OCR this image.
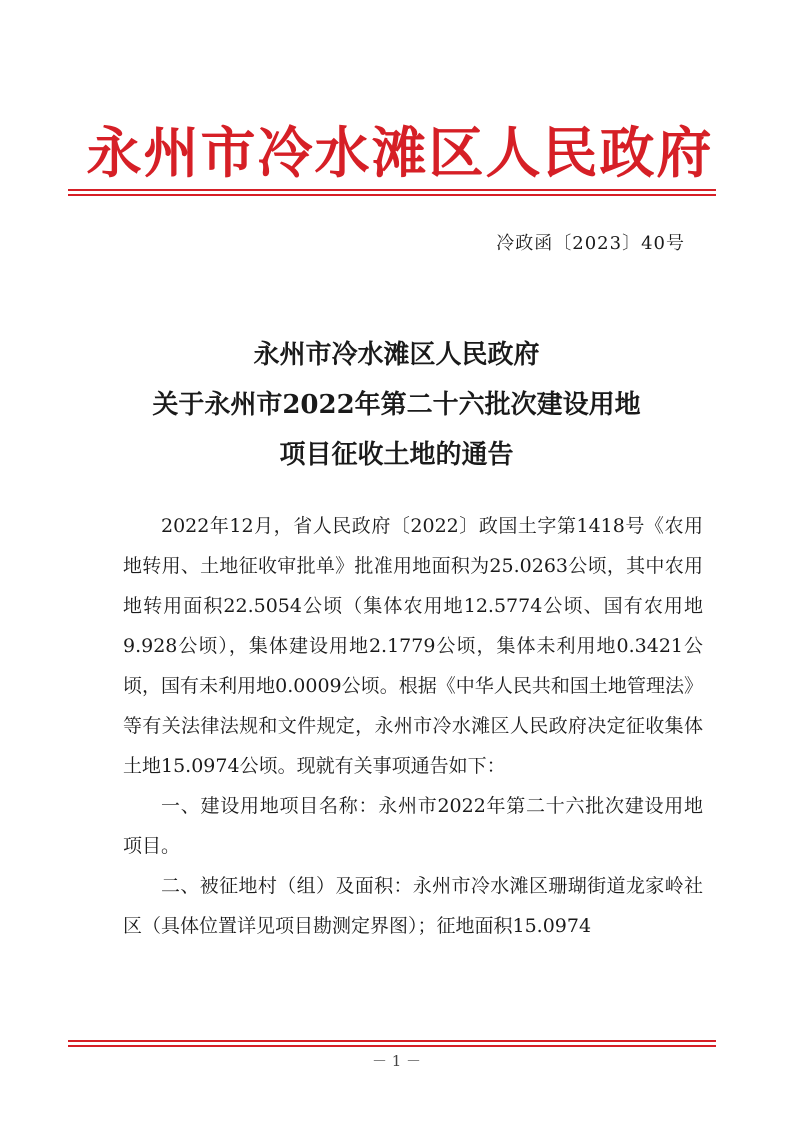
永州市冷水滩区人民政府
冷政函〔2023〕40号
永州市冷水滩区人民政府
关于永州市2022年第二十六批次建设用地
项目征收土地的通告

2022年12月，省人民政府〔2022〕政国土字第1418号《农用地转用、土地征收审批单》批准用地面积为25.0263公顷，其中农用地转用面积22.5054公顷（集体农用地12.5774公顷、国有农用地9.928公顷），集体建设用地2.1779公顷，集体未利用地0.3421公顷，国有未利用地0.0009公顷。根据《中华人民共和国土地管理法》等有关法律法规和文件规定，永州市冷水滩区人民政府决定征收集体土地15.0974公顷。现就有关事项通告如下：

一、建设用地项目名称：永州市2022年第二十六批次建设用地项目。

二、被征地村（组）及面积：永州市冷水滩区珊瑚街道龙家岭社区（具体位置详见项目勘测定界图）；征地面积15.0974

－ 1 －
